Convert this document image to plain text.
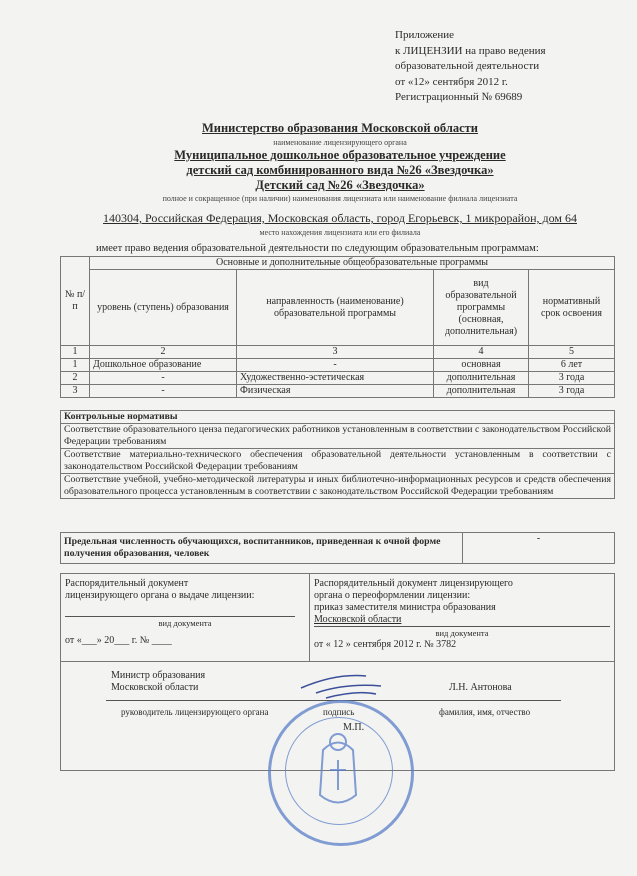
Приложение
к ЛИЦЕНЗИИ на право ведения
образовательной деятельности
от «12» сентября 2012 г.
Регистрационный № 69689
Министерство образования Московской области
наименование лицензирующего органа
Муниципальное дошкольное образовательное учреждение
детский сад комбинированного вида №26 «Звездочка»
Детский сад №26 «Звездочка»
полное и сокращенное (при наличии) наименования лицензиата или наименование филиала лицензиата
140304, Российская Федерация, Московская область, город Егорьевск, 1 микрорайон, дом 64
место нахождения лицензиата или его филиала
имеет право ведения образовательной деятельности по следующим образовательным программам:
№ п/п	Основные и дополнительные общеобразовательные программы			
	уровень (ступень) образования	направленность (наименование) образовательной программы	вид образовательной программы (основная, дополнительная)	нормативный срок освоения
1	2	3	4	5
1	Дошкольное образование	-	основная	6 лет
2	-	Художественно-эстетическая	дополнительная	3 года
3	-	Физическая	дополнительная	3 года
Контрольные нормативы
Соответствие образовательного ценза педагогических работников установленным в соответствии с законодательством Российской Федерации требованиям
Соответствие материально-технического обеспечения образовательной деятельности установленным в соответствии с законодательством Российской Федерации требованиям
Соответствие учебной, учебно-методической литературы и иных библиотечно-информационных ресурсов и средств обеспечения образовательного процесса установленным в соответствии с законодательством Российской Федерации требованиям
Предельная численность обучающихся, воспитанников, приведенная к очной форме получения образования, человек	-
Распорядительный документ
лицензирующего органа о выдаче лицензии:
вид документа
от «___» 20___ г. № ____

Распорядительный документ лицензирующего
органа о переоформлении лицензии:
приказ заместителя министра образования
Московской области
вид документа
от « 12 » сентября 2012 г. № 3782

Министр образования
Московской области
руководитель лицензирующего органа	подпись
Л.Н. Антонова
фамилия, имя, отчество
М.П.
